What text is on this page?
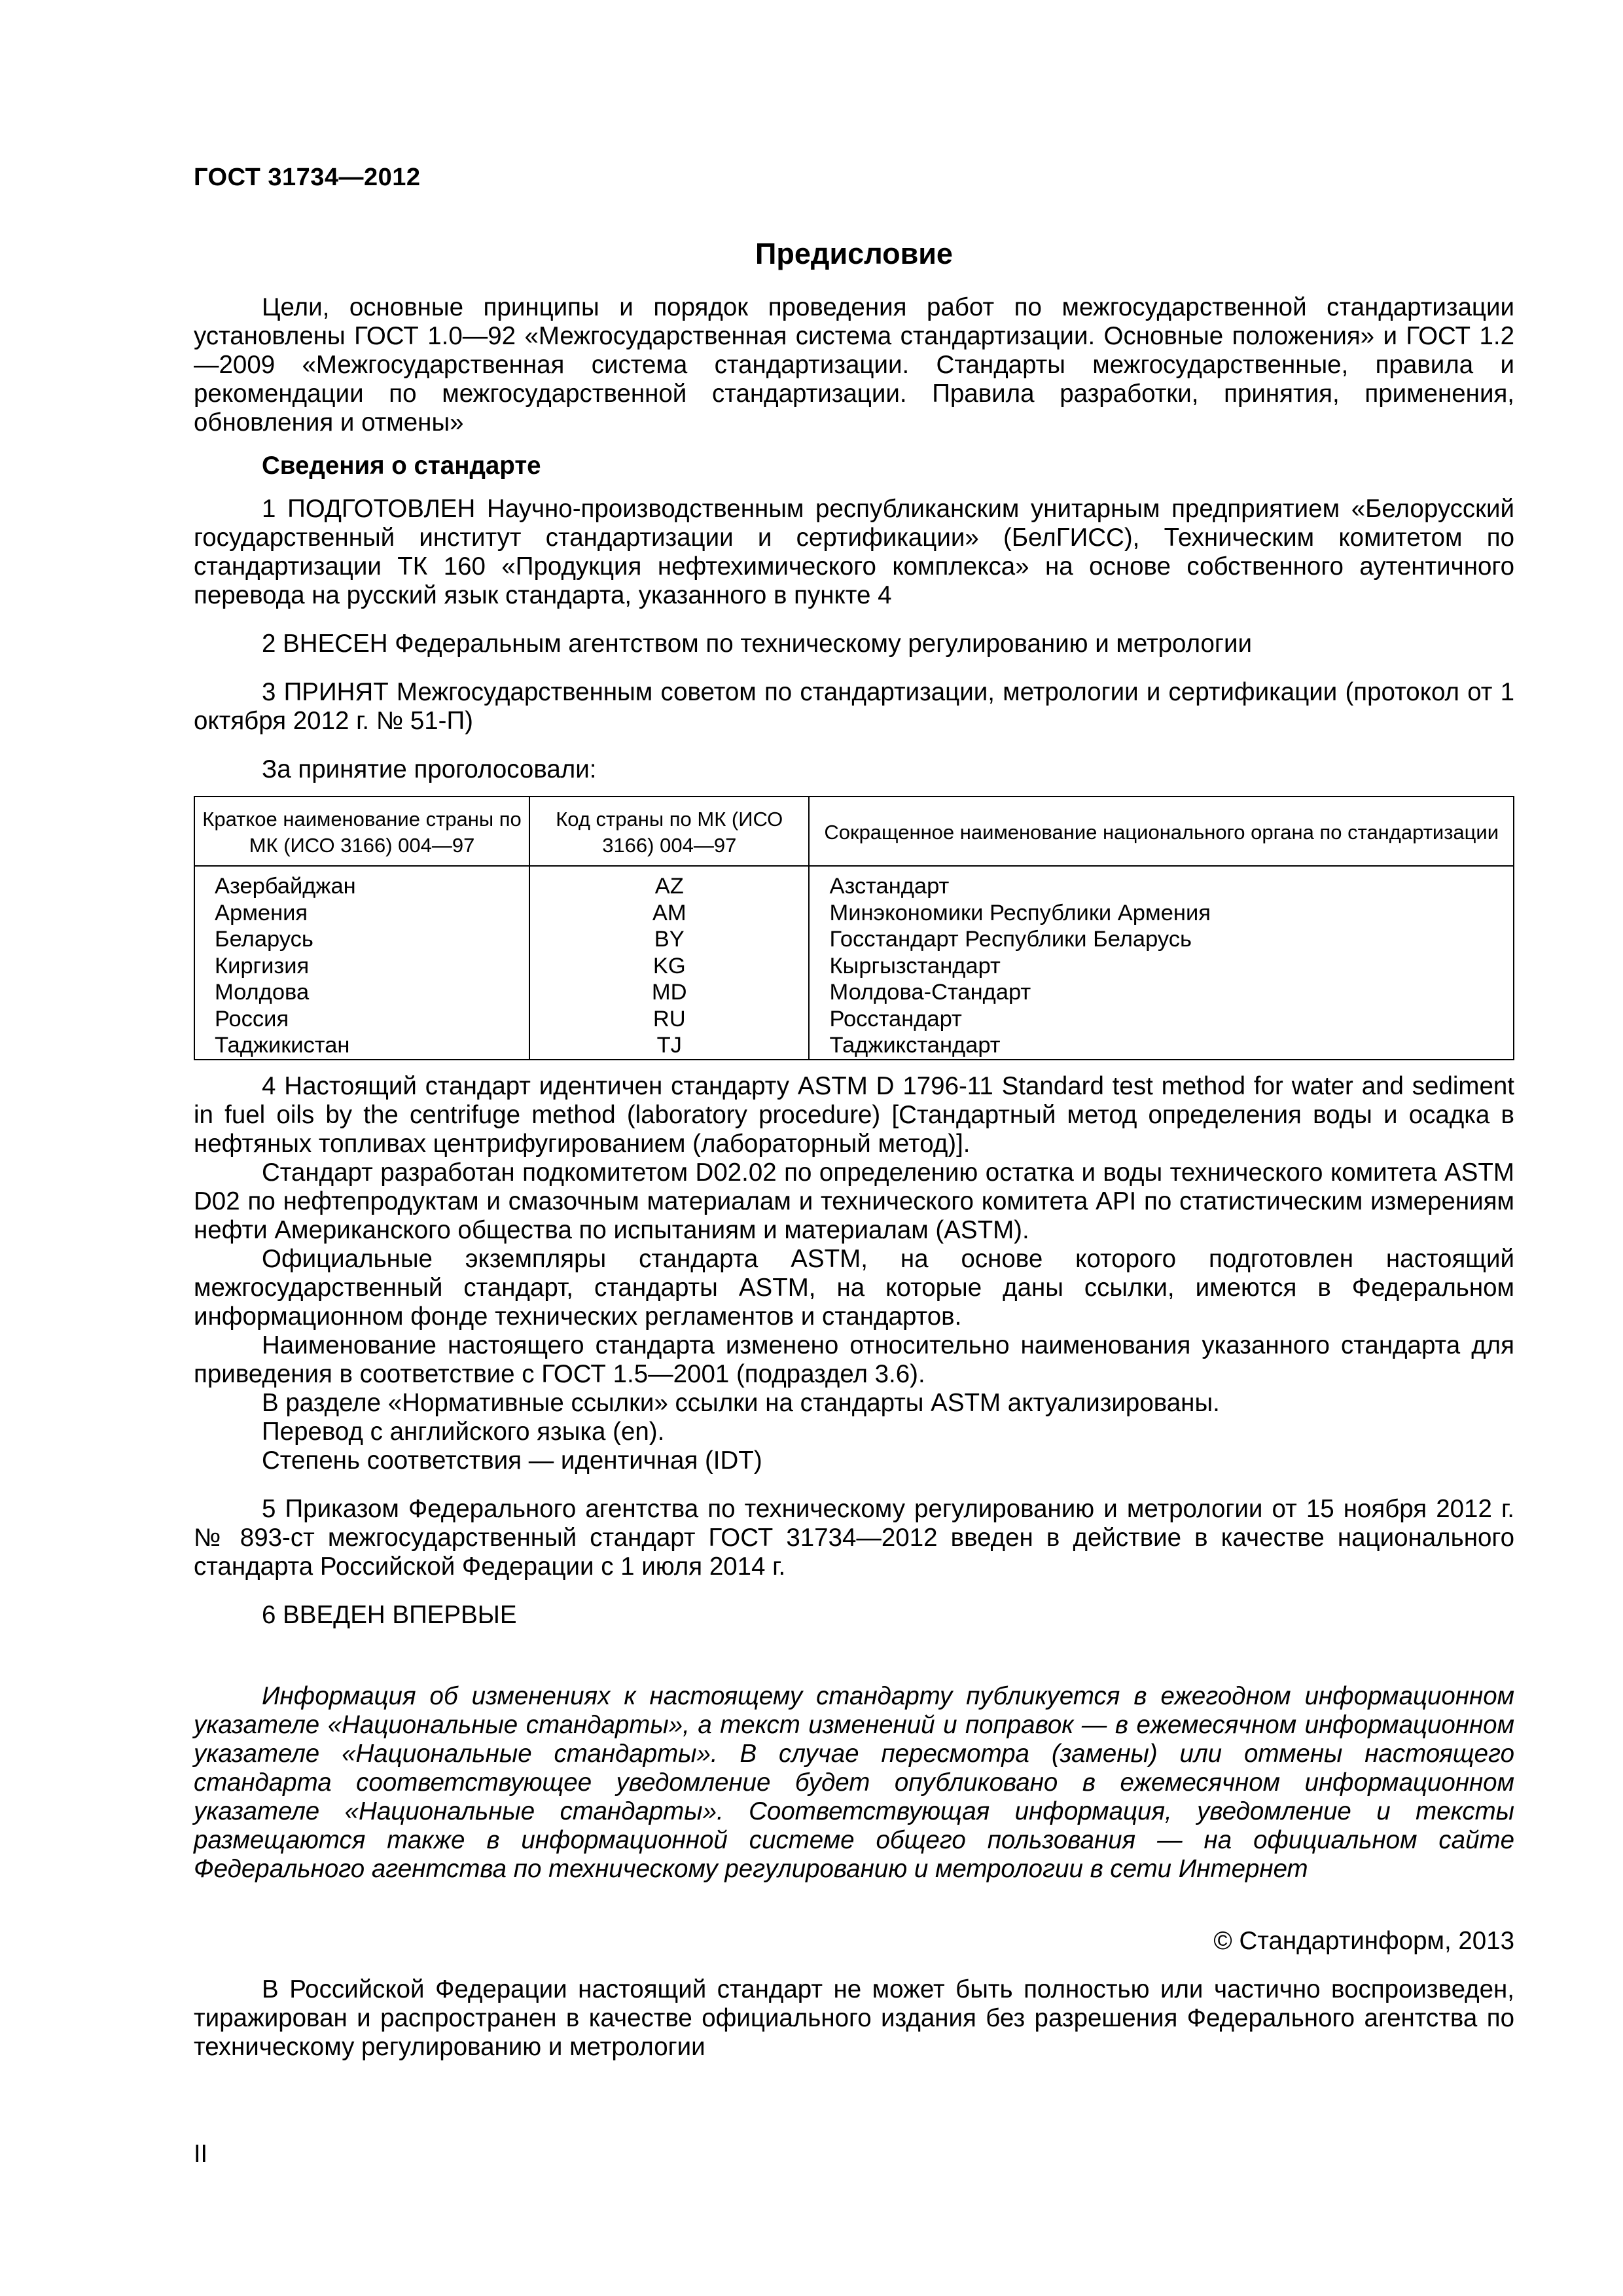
ГОСТ 31734—2012
Предисловие

Цели, основные принципы и порядок проведения работ по межгосударственной стандартизации установлены ГОСТ 1.0—92 «Межгосударственная система стандартизации. Основные положения» и ГОСТ 1.2—2009 «Межгосударственная система стандартизации. Стандарты межгосударственные, правила и рекомендации по межгосударственной стандартизации. Правила разработки, принятия, применения, обновления и отмены»

Сведения о стандарте

1 ПОДГОТОВЛЕН Научно-производственным республиканским унитарным предприятием «Белорусский государственный институт стандартизации и сертификации» (БелГИСС), Техническим комитетом по стандартизации ТК 160 «Продукция нефтехимического комплекса» на основе собственного аутентичного перевода на русский язык стандарта, указанного в пункте 4

2 ВНЕСЕН Федеральным агентством по техническому регулированию и метрологии

3 ПРИНЯТ Межгосударственным советом по стандартизации, метрологии и сертификации (протокол от 1 октября 2012 г. № 51-П)

За принятие проголосовали:

Краткое наименование страны по МК (ИСО 3166) 004—97	Код страны по МК (ИСО 3166) 004—97	Сокращенное наименование национального органа по стандартизации
Азербайджан	AZ	Азстандарт
Армения	AM	Минэкономики Республики Армения
Беларусь	BY	Госстандарт Республики Беларусь
Киргизия	KG	Кыргызстандарт
Молдова	MD	Молдова-Стандарт
Россия	RU	Росстандарт
Таджикистан	TJ	Таджикстандарт

4 Настоящий стандарт идентичен стандарту ASTM D 1796-11 Standard test method for water and sediment in fuel oils by the centrifuge method (laboratory procedure) [Стандартный метод определения воды и осадка в нефтяных топливах центрифугированием (лабораторный метод)].

Стандарт разработан подкомитетом D02.02 по определению остатка и воды технического комитета ASTM D02 по нефтепродуктам и смазочным материалам и технического комитета API по статистическим измерениям нефти Американского общества по испытаниям и материалам (ASTM).

Официальные экземпляры стандарта ASTM, на основе которого подготовлен настоящий межгосударственный стандарт, стандарты ASTM, на которые даны ссылки, имеются в Федеральном информационном фонде технических регламентов и стандартов.

Наименование настоящего стандарта изменено относительно наименования указанного стандарта для приведения в соответствие с ГОСТ 1.5—2001 (подраздел 3.6).

В разделе «Нормативные ссылки» ссылки на стандарты ASTM актуализированы.

Перевод с английского языка (en).

Степень соответствия — идентичная (IDT)

5 Приказом Федерального агентства по техническому регулированию и метрологии от 15 ноября 2012 г. № 893-ст межгосударственный стандарт ГОСТ 31734—2012 введен в действие в качестве национального стандарта Российской Федерации с 1 июля 2014 г.

6 ВВЕДЕН ВПЕРВЫЕ

Информация об изменениях к настоящему стандарту публикуется в ежегодном информационном указателе «Национальные стандарты», а текст изменений и поправок — в ежемесячном информационном указателе «Национальные стандарты». В случае пересмотра (замены) или отмены настоящего стандарта соответствующее уведомление будет опубликовано в ежемесячном информационном указателе «Национальные стандарты». Соответствующая информация, уведомление и тексты размещаются также в информационной системе общего пользования — на официальном сайте Федерального агентства по техническому регулированию и метрологии в сети Интернет

© Стандартинформ, 2013

В Российской Федерации настоящий стандарт не может быть полностью или частично воспроизведен, тиражирован и распространен в качестве официального издания без разрешения Федерального агентства по техническому регулированию и метрологии

II
